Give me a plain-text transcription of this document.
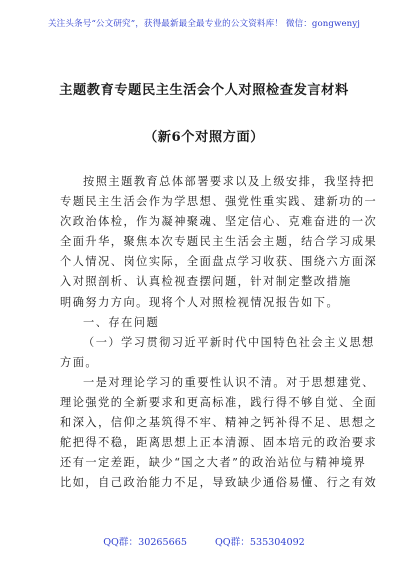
关注头条号“公文研究”，获得最新最全最专业的公文资料库！ 微信：gongwenyj
主题教育专题民主生活会个人对照检查发言材料
（新6个对照方面）
按照主题教育总体部署要求以及上级安排，我坚持把
专题民主生活会作为学思想、强党性重实践、建新功的一
次政治体检，作为凝神聚魂、坚定信心、克难奋进的一次
全面升华，聚焦本次专题民主生活会主题，结合学习成果
个人情况、岗位实际，全面盘点学习收获、围绕六方面深
入对照剖析、认真检视查摆问题，针对制定整改措施
明确努力方向。现将个人对照检视情况报告如下。
一、存在问题
（一）学习贯彻习近平新时代中国特色社会主义思想
方面。
一是对理论学习的重要性认识不清。对于思想建党、
理论强党的全新要求和更高标准，践行得不够自觉、全面
和深入，信仰之基筑得不牢、精神之钙补得不足、思想之
舵把得不稳，距离思想上正本清源、固本培元的政治要求
还有一定差距，缺少“国之大者”的政治站位与精神境界
比如，自己政治能力不足，导致缺少通俗易懂、行之有效
QQ群：30265665	QQ群：535304092
